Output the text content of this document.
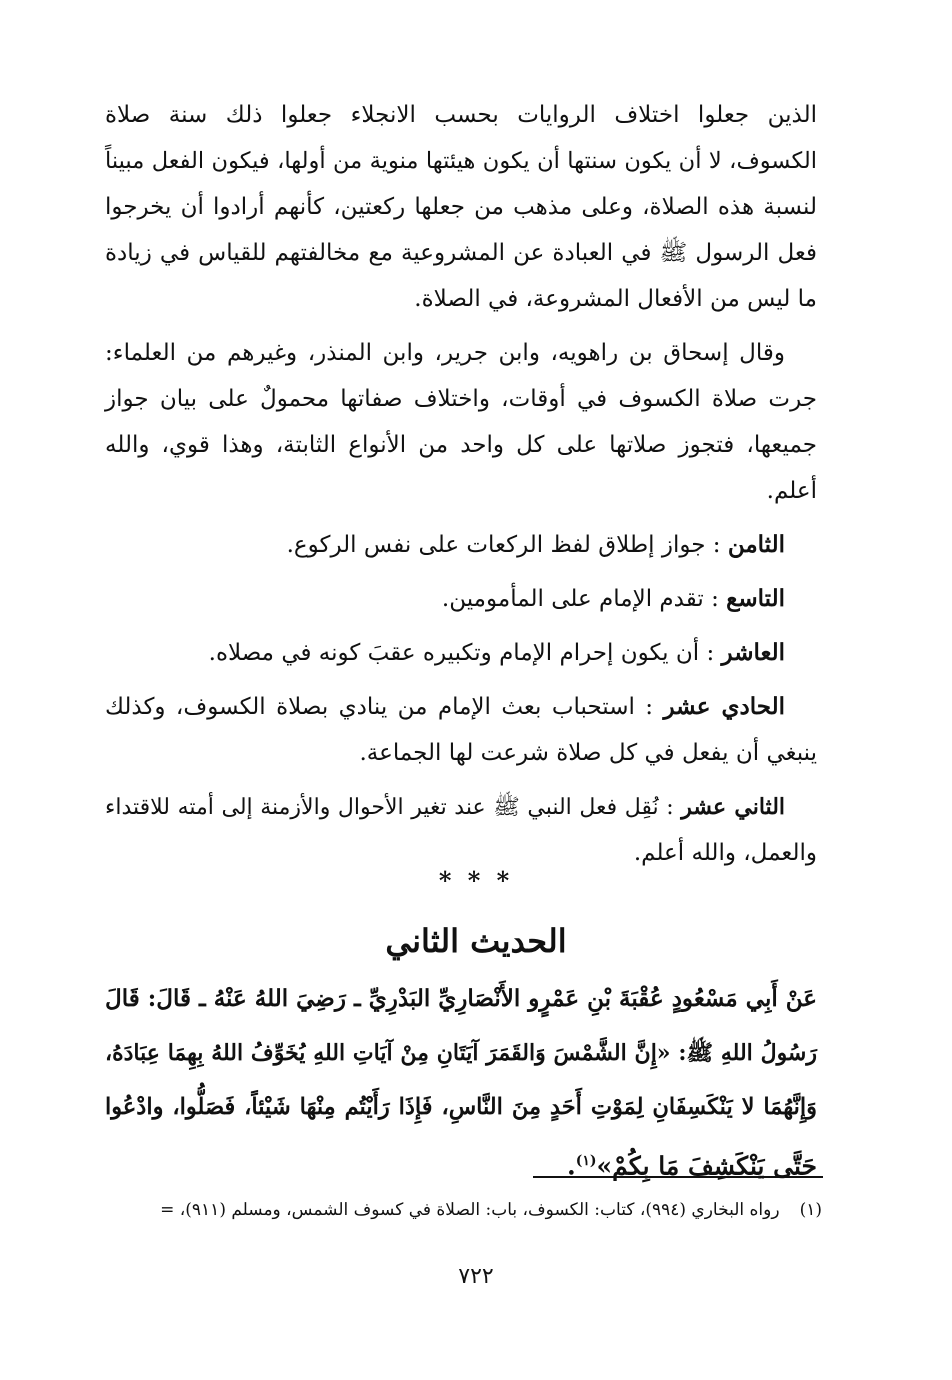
الذين جعلوا اختلاف الروايات بحسب الانجلاء جعلوا ذلك سنة صلاة
الكسوف، لا أن يكون سنتها أن يكون هيئتها منوية من أولها، فيكون الفعل مبيناً
لنسبة هذه الصلاة، وعلى مذهب من جعلها ركعتين، كأنهم أرادوا أن يخرجوا
فعل الرسول ﷺ في العبادة عن المشروعية مع مخالفتهم للقياس في زيادة
ما ليس من الأفعال المشروعة، في الصلاة.
وقال إسحاق بن راهويه، وابن جرير، وابن المنذر، وغيرهم من العلماء:
جرت صلاة الكسوف في أوقات، واختلاف صفاتها محمولٌ على بيان جواز
جميعها، فتجوز صلاتها على كل واحد من الأنواع الثابتة، وهذا قوي، والله
أعلم.
الثامن : جواز إطلاق لفظ الركعات على نفس الركوع.
التاسع : تقدم الإمام على المأمومين.
العاشر : أن يكون إحرام الإمام وتكبيره عقبَ كونه في مصلاه.
الحادي عشر : استحباب بعث الإمام من ينادي بصلاة الكسوف، وكذلك
ينبغي أن يفعل في كل صلاة شرعت لها الجماعة.
الثاني عشر : نُقِل فعل النبي ﷺ عند تغير الأحوال والأزمنة إلى أمته للاقتداء
والعمل، والله أعلم.
* * *
الحديث الثاني
عَنْ أَبِي مَسْعُودٍ عُقْبَةَ بْنِ عَمْرٍو الأَنْصَارِيِّ البَدْرِيِّ ـ رَضِيَ اللهُ عَنْهُ ـ قَالَ: قَالَ
رَسُولُ اللهِ ﷺ: «إِنَّ الشَّمْسَ وَالقَمَرَ آيَتَانِ مِنْ آيَاتِ اللهِ يُخَوِّفُ اللهُ بِهِمَا عِبَادَهُ،
وَإِنَّهُمَا لا يَنْكَسِفَانِ لِمَوْتِ أَحَدٍ مِنَ النَّاسِ، فَإِذَا رَأَيْتُم مِنْهَا شَيْئاً، فَصَلُّوا، وادْعُوا
حَتَّى يَنْكَشِفَ مَا بِكُمْ»$^{(١)}$.
(١)
رواه البخاري (٩٩٤)، كتاب: الكسوف، باب: الصلاة في كسوف الشمس، ومسلم (٩١١)، =
٧٢٢
